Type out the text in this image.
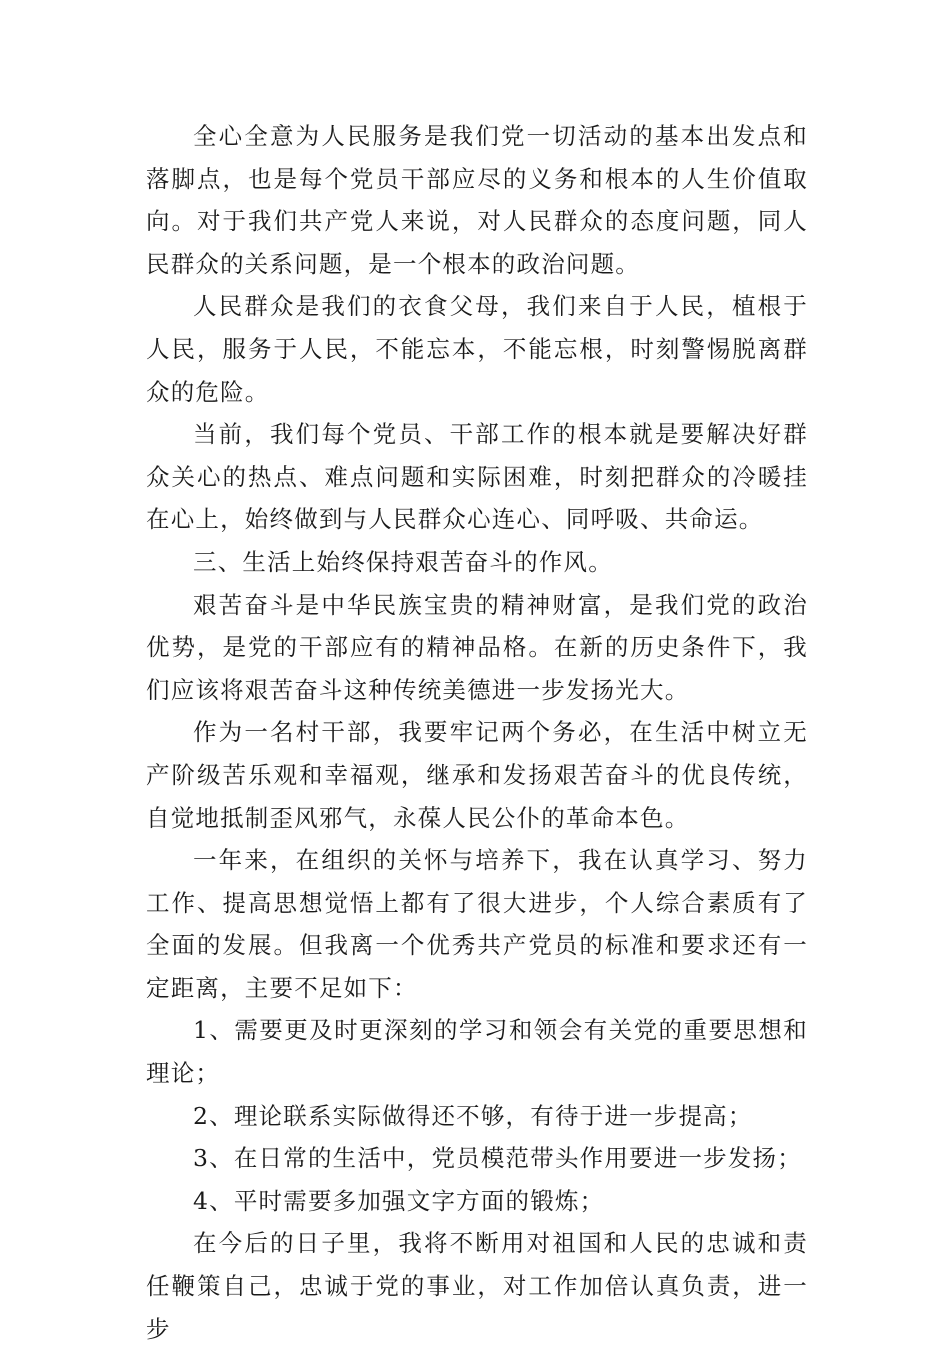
全心全意为人民服务是我们党一切活动的基本出发点和落脚点，也是每个党员干部应尽的义务和根本的人生价值取向。对于我们共产党人来说，对人民群众的态度问题，同人民群众的关系问题，是一个根本的政治问题。

人民群众是我们的衣食父母，我们来自于人民，植根于人民，服务于人民，不能忘本，不能忘根，时刻警惕脱离群众的危险。

当前，我们每个党员、干部工作的根本就是要解决好群众关心的热点、难点问题和实际困难，时刻把群众的冷暖挂在心上，始终做到与人民群众心连心、同呼吸、共命运。

三、生活上始终保持艰苦奋斗的作风。

艰苦奋斗是中华民族宝贵的精神财富，是我们党的政治优势，是党的干部应有的精神品格。在新的历史条件下，我们应该将艰苦奋斗这种传统美德进一步发扬光大。

作为一名村干部，我要牢记两个务必，在生活中树立无产阶级苦乐观和幸福观，继承和发扬艰苦奋斗的优良传统，自觉地抵制歪风邪气，永葆人民公仆的革命本色。

一年来，在组织的关怀与培养下，我在认真学习、努力工作、提高思想觉悟上都有了很大进步，个人综合素质有了全面的发展。但我离一个优秀共产党员的标准和要求还有一定距离，主要不足如下：

1、需要更及时更深刻的学习和领会有关党的重要思想和理论；

2、理论联系实际做得还不够，有待于进一步提高；

3、在日常的生活中，党员模范带头作用要进一步发扬；

4、平时需要多加强文字方面的锻炼；

在今后的日子里，我将不断用对祖国和人民的忠诚和责任鞭策自己，忠诚于党的事业，对工作加倍认真负责，进一步
